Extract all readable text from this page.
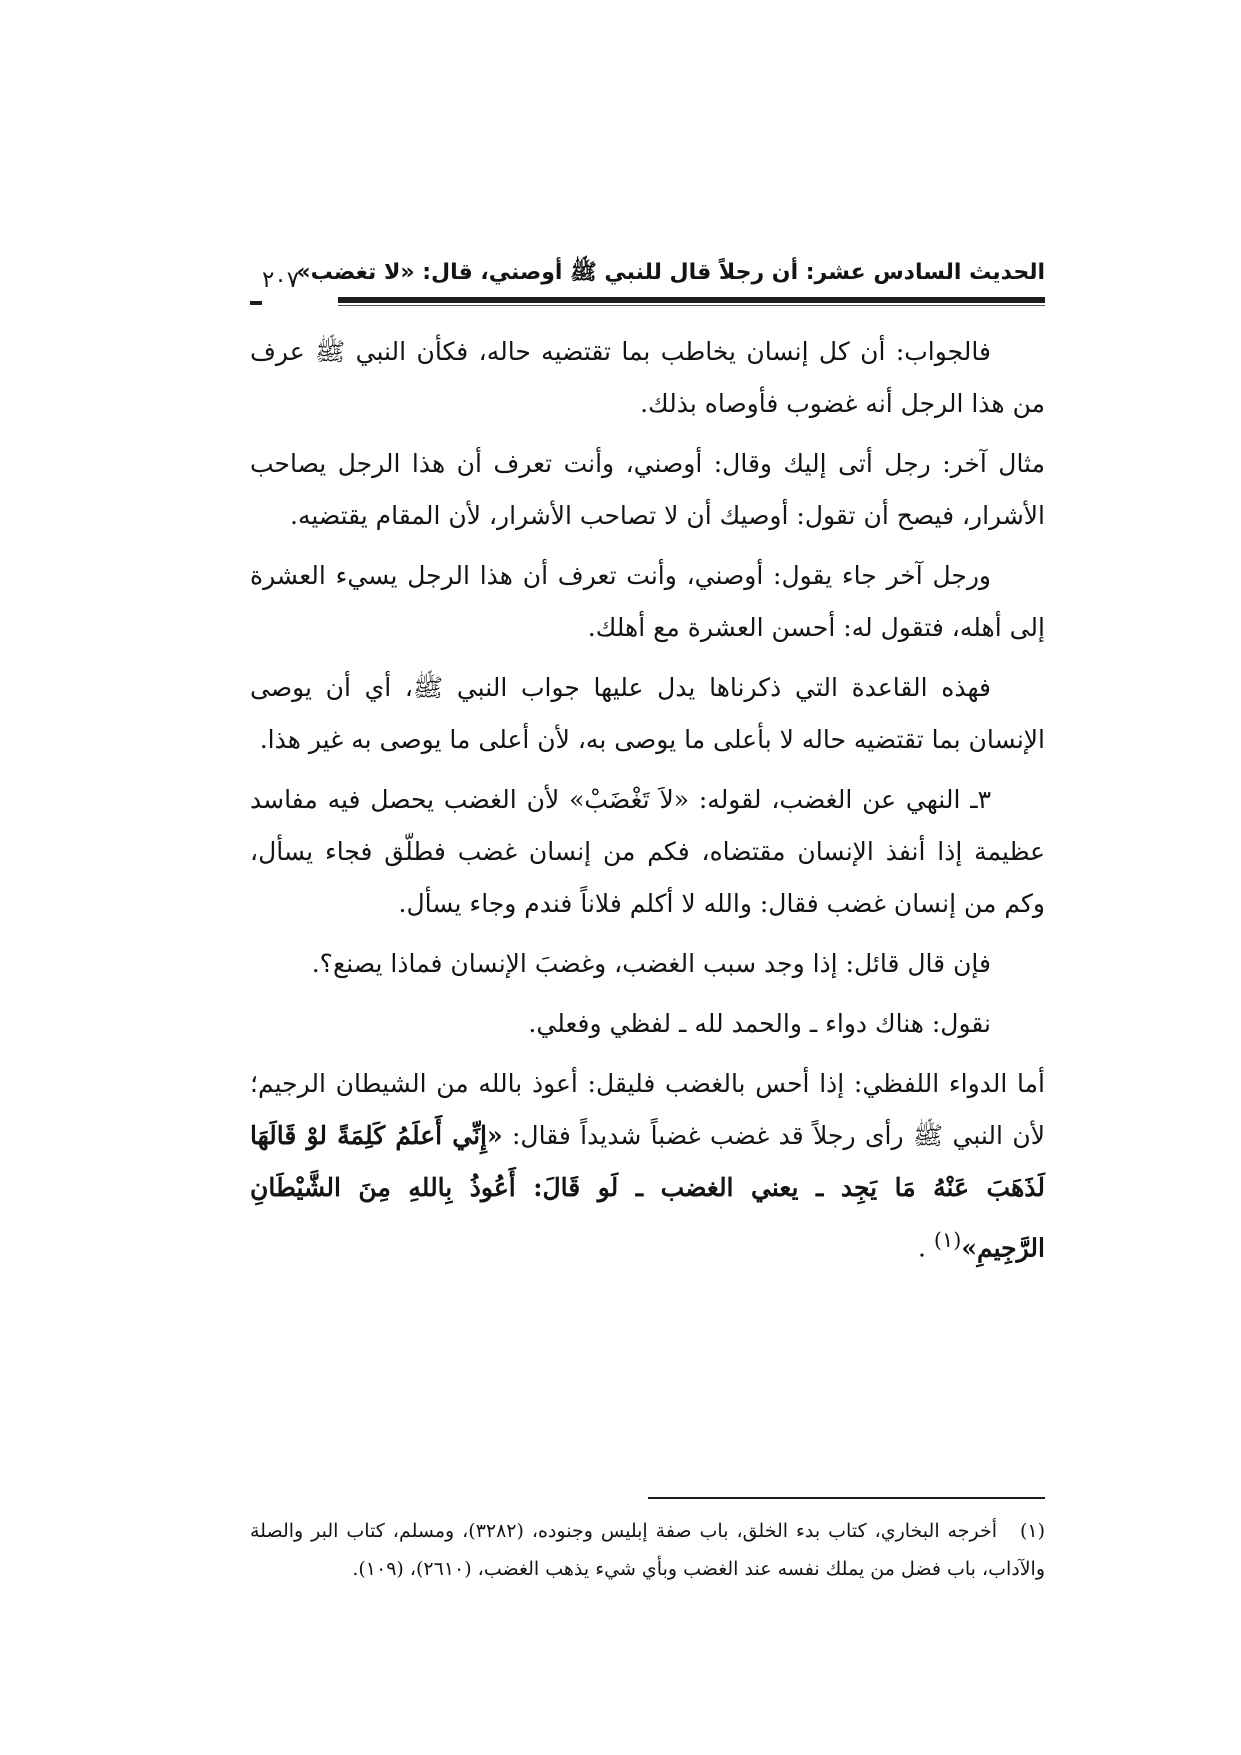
الحديث السادس عشر: أن رجلاً قال للنبي ﷺ أوصني، قال: «لا تغضب»
٢٠٧

فالجواب: أن كل إنسان يخاطب بما تقتضيه حاله، فكأن النبي ﷺ عرف من هذا الرجل أنه غضوب فأوصاه بذلك.

مثال آخر: رجل أتى إليك وقال: أوصني، وأنت تعرف أن هذا الرجل يصاحب الأشرار، فيصح أن تقول: أوصيك أن لا تصاحب الأشرار، لأن المقام يقتضيه.

ورجل آخر جاء يقول: أوصني، وأنت تعرف أن هذا الرجل يسيء العشرة إلى أهله، فتقول له: أحسن العشرة مع أهلك.

فهذه القاعدة التي ذكرناها يدل عليها جواب النبي ﷺ، أي أن يوصى الإنسان بما تقتضيه حاله لا بأعلى ما يوصى به، لأن أعلى ما يوصى به غير هذا.

٣ـ النهي عن الغضب، لقوله: «لاَ تَغْضَبْ» لأن الغضب يحصل فيه مفاسد عظيمة إذا أنفذ الإنسان مقتضاه، فكم من إنسان غضب فطلّق فجاء يسأل، وكم من إنسان غضب فقال: والله لا أكلم فلاناً فندم وجاء يسأل.

فإن قال قائل: إذا وجد سبب الغضب، وغضبَ الإنسان فماذا يصنع؟.

نقول: هناك دواء ـ والحمد لله ـ لفظي وفعلي.

أما الدواء اللفظي: إذا أحس بالغضب فليقل: أعوذ بالله من الشيطان الرجيم؛ لأن النبي ﷺ رأى رجلاً قد غضب غضباً شديداً فقال: «إِنِّي أَعلَمُ كَلِمَةً لوْ قَالَهَا لَذَهَبَ عَنْهُ مَا يَجِد ـ يعني الغضب ـ لَو قَالَ: أَعُوذُ بِاللهِ مِنَ الشَّيْطَانِ الرَّجِيمِ»$^{(١)}$ .

(١)أخرجه البخاري، كتاب بدء الخلق، باب صفة إبليس وجنوده، (٣٢٨٢)، ومسلم، كتاب البر والصلة والآداب، باب فضل من يملك نفسه عند الغضب وبأي شيء يذهب الغضب، (٢٦١٠)، (١٠٩).
